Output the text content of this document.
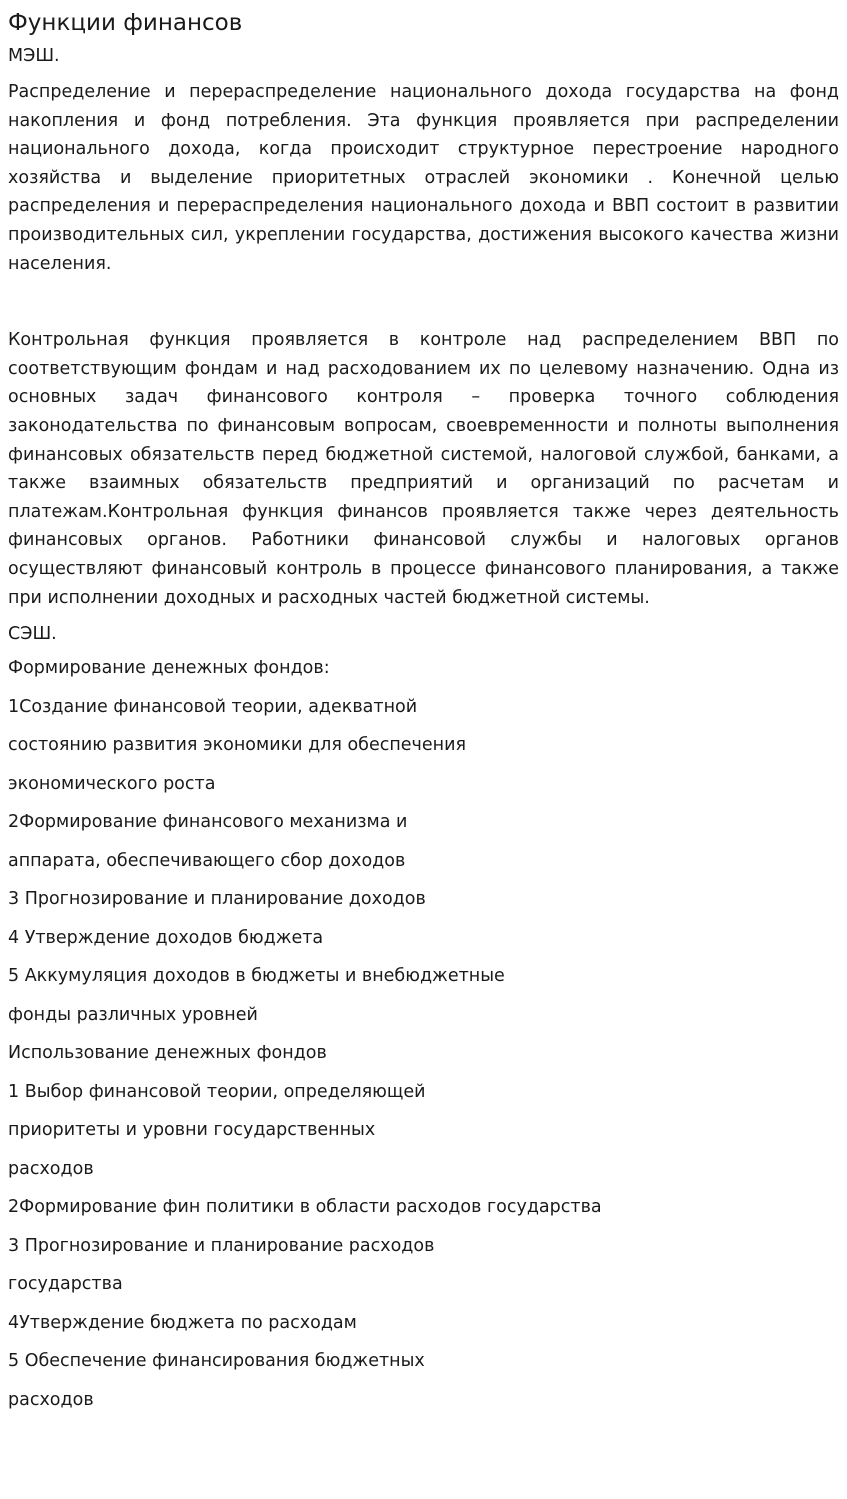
Функции финансов

МЭШ.

Распределение и перераспределение национального дохода государства на фонд накопления и фонд потребления. Эта функция проявляется при распределении национального дохода, когда происходит структурное перестроение народного хозяйства и выделение приоритетных отраслей экономики . Конечной целью распределения и перераспределения национального дохода и ВВП состоит в развитии производительных сил, укреплении государства, достижения высокого качества жизни населения.

Контрольная функция проявляется в контроле над распределением ВВП по соответствующим фондам и над расходованием их по целевому назначению. Одна из основных задач финансового контроля – проверка точного соблюдения законодательства по финансовым вопросам, своевременности и полноты выполнения финансовых обязательств перед бюджетной системой, налоговой службой, банками, а также взаимных обязательств предприятий и организаций по расчетам и платежам.Контрольная функция финансов проявляется также через деятельность финансовых органов. Работники финансовой службы и налоговых органов осуществляют финансовый контроль в процессе финансового планирования, а также при исполнении доходных и расходных частей бюджетной системы.

СЭШ.

Формирование денежных фондов:

1Создание финансовой теории, адекватной

состоянию развития экономики для обеспечения

экономического роста

2Формирование финансового механизма и

аппарата, обеспечивающего сбор доходов

3 Прогнозирование и планирование доходов

4 Утверждение доходов бюджета

5 Аккумуляция доходов в бюджеты и внебюджетные

фонды различных уровней

Использование денежных фондов

1 Выбор финансовой теории, определяющей

приоритеты и уровни государственных

расходов

2Формирование фин политики в области расходов государства

3 Прогнозирование и планирование расходов

государства

4Утверждение бюджета по расходам

5 Обеспечение финансирования бюджетных

расходов
